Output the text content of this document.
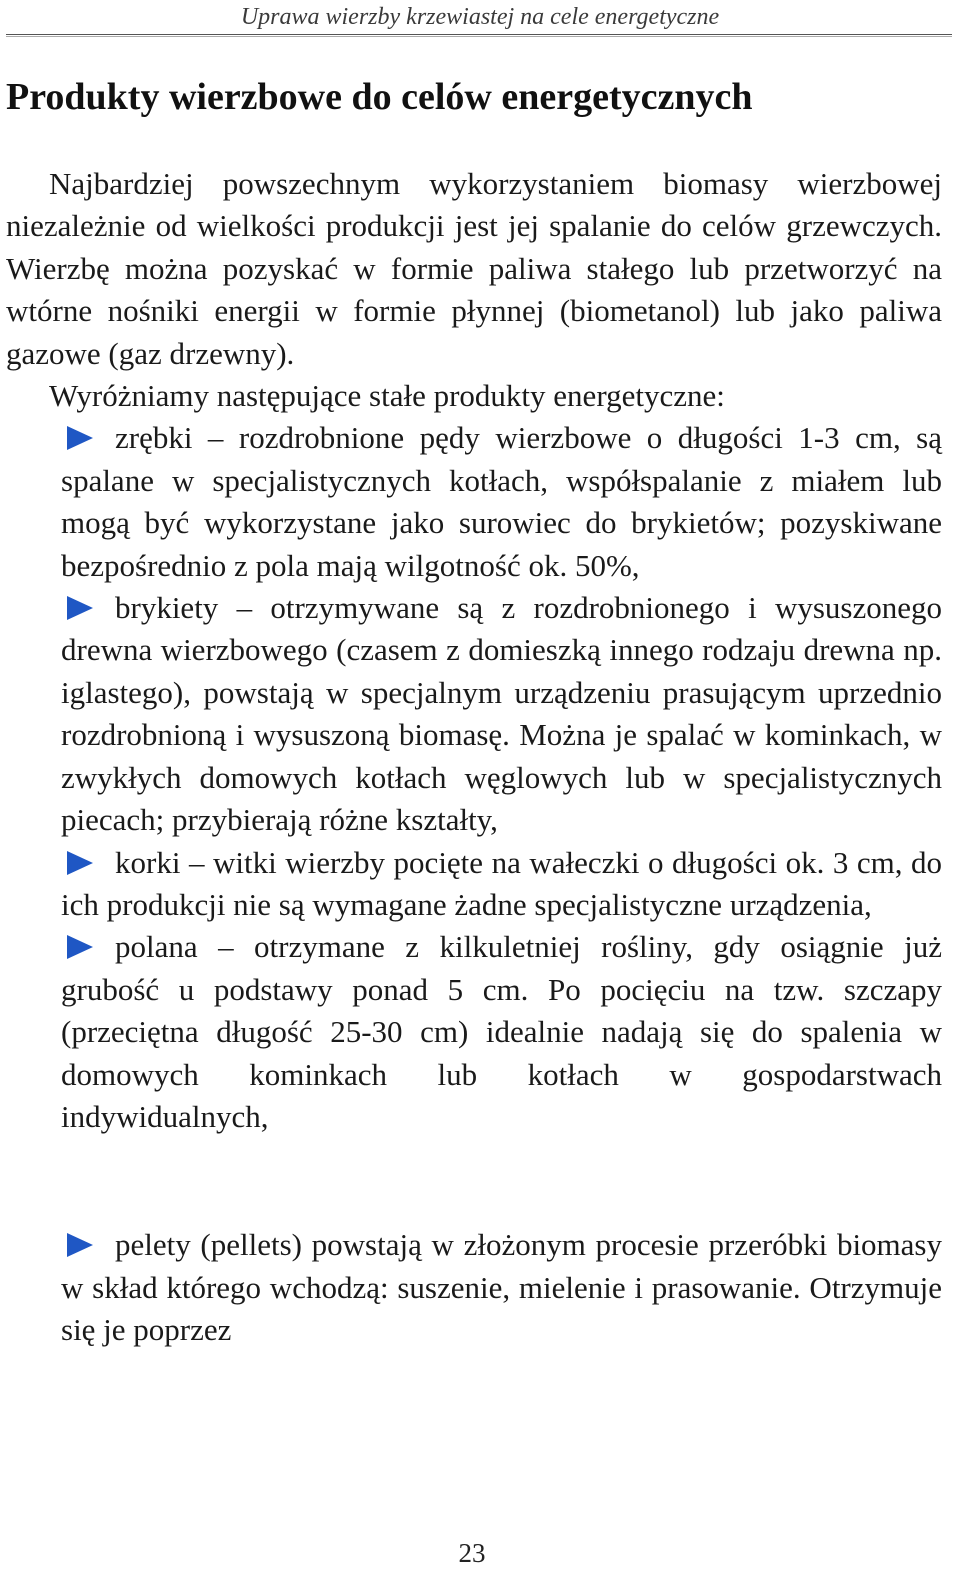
Uprawa wierzby krzewiastej na cele energetyczne
Produkty wierzbowe do celów energetycznych

Najbardziej powszechnym wykorzystaniem biomasy wierzbowej niezależnie od wielkości produkcji jest jej spalanie do celów grzewczych. Wierzbę można pozyskać w formie paliwa stałego lub przetworzyć na wtórne nośniki energii w formie płynnej (biometanol) lub jako paliwa gazowe (gaz drzewny).

Wyróżniamy następujące stałe produkty energetyczne:

zrębki – rozdrobnione pędy wierzbowe o długości 1-3 cm, są spalane w specjalistycznych kotłach, współspalanie z miałem lub mogą być wykorzystane jako surowiec do brykietów; pozyskiwane bezpośrednio z pola mają wilgotność ok. 50%,
brykiety – otrzymywane są z rozdrobnionego i wysuszonego drewna wierzbowego (czasem z domieszką innego rodzaju drewna np. iglastego), powstają w specjalnym urządzeniu prasującym uprzednio rozdrobnioną i wysuszoną biomasę. Można je spalać w kominkach, w zwykłych domowych kotłach węglowych lub w specjalistycznych piecach; przybierają różne kształty,
korki – witki wierzby pocięte na wałeczki o długości ok. 3 cm, do ich produkcji nie są wymagane żadne specjalistyczne urządzenia,
polana – otrzymane z kilkuletniej rośliny, gdy osiągnie już grubość u podstawy ponad 5 cm. Po pocięciu na tzw. szczapy (przeciętna długość 25-30 cm) idealnie nadają się do spalenia w domowych kominkach lub kotłach w gospodarstwach indywidualnych,
pelety (pellets) powstają w złożonym procesie przeróbki biomasy w skład którego wchodzą: suszenie, mielenie i prasowanie. Otrzymuje się je poprzez
23
